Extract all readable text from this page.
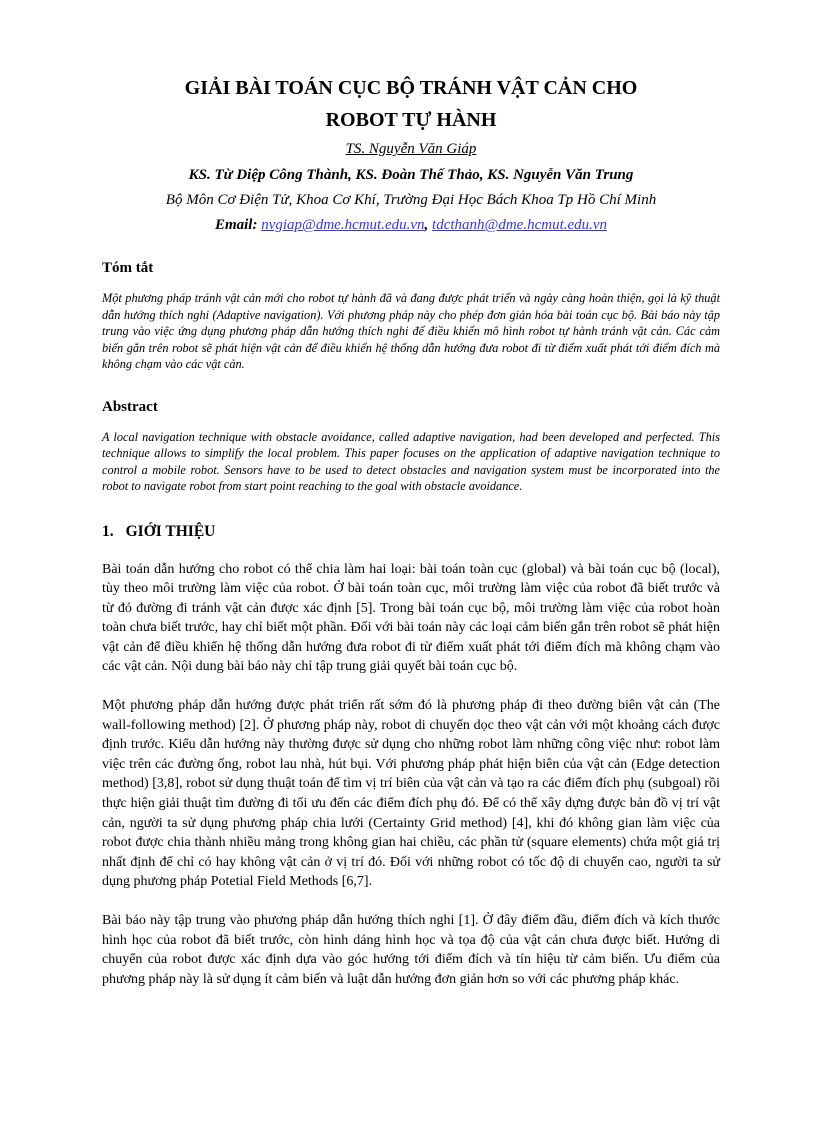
GIẢI BÀI TOÁN CỤC BỘ TRÁNH VẬT CẢN CHO
ROBOT TỰ HÀNH
TS. Nguyễn Văn Giáp
KS. Từ Diệp Công Thành, KS. Đoàn Thế Thảo, KS. Nguyễn Văn Trung
Bộ Môn Cơ Điện Tử, Khoa Cơ Khí, Trường Đại Học Bách Khoa Tp Hồ Chí Minh
Email: nvgiap@dme.hcmut.edu.vn, tdcthanh@dme.hcmut.edu.vn
Tóm tắt
Một phương pháp tránh vật cản mới cho robot tự hành đã và đang được phát triển và ngày càng hoàn thiện, gọi là kỹ thuật dẫn hướng thích nghi (Adaptive navigation). Với phương pháp này cho phép đơn giản hóa bài toán cục bộ. Bài báo này tập trung vào việc ứng dụng phương pháp dẫn hướng thích nghi để điều khiển mô hình robot tự hành tránh vật cản. Các cảm biến gắn trên robot sẽ phát hiện vật cản để điều khiển hệ thống dẫn hướng đưa robot đi từ điểm xuất phát tới điểm đích mà không chạm vào các vật cản.
Abstract
A local navigation technique with obstacle avoidance, called adaptive navigation, had been developed and perfected. This technique allows to simplify the local problem. This paper focuses on the application of adaptive navigation technique to control a mobile robot. Sensors have to be used to detect obstacles and navigation system must be incorporated into the robot to navigate robot from start point reaching to the goal with obstacle avoidance.
1. GIỚI THIỆU

Bài toán dẫn hướng cho robot có thể chia làm hai loại: bài toán toàn cục (global) và bài toán cục bộ (local), tùy theo môi trường làm việc của robot. Ở bài toán toàn cục, môi trường làm việc của robot đã biết trước và từ đó đường đi tránh vật cản được xác định [5]. Trong bài toán cục bộ, môi trường làm việc của robot hoàn toàn chưa biết trước, hay chỉ biết một phần. Đối với bài toán này các loại cảm biến gắn trên robot sẽ phát hiện vật cản để điều khiển hệ thống dẫn hướng đưa robot đi từ điểm xuất phát tới điểm đích mà không chạm vào các vật cản. Nội dung bài báo này chỉ tập trung giải quyết bài toán cục bộ.

Một phương pháp dẫn hướng được phát triển rất sớm đó là phương pháp đi theo đường biên vật cản (The wall-following method) [2]. Ở phương pháp này, robot di chuyển dọc theo vật cản với một khoảng cách được định trước. Kiểu dẫn hướng này thường được sử dụng cho những robot làm những công việc như: robot làm việc trên các đường ống, robot lau nhà, hút bụi. Với phương pháp phát hiện biên của vật cản (Edge detection method) [3,8], robot sử dụng thuật toán để tìm vị trí biên của vật cản và tạo ra các điểm đích phụ (subgoal) rồi thực hiện giải thuật tìm đường đi tối ưu đến các điểm đích phụ đó. Để có thể xây dựng được bản đồ vị trí vật cản, người ta sử dụng phương pháp chia lưới (Certainty Grid method) [4], khi đó không gian làm việc của robot được chia thành nhiều mảng trong không gian hai chiều, các phần tử (square elements) chứa một giá trị nhất định để chỉ có hay không vật cản ở vị trí đó. Đối với những robot có tốc độ di chuyển cao, người ta sử dụng phương pháp Potetial Field Methods [6,7].

Bài báo này tập trung vào phương pháp dẫn hướng thích nghi [1]. Ở đây điểm đầu, điểm đích và kích thước hình học của robot đã biết trước, còn hình dáng hình học và tọa độ của vật cản chưa được biết. Hướng di chuyển của robot được xác định dựa vào góc hướng tới điểm đích và tín hiệu từ cảm biến. Ưu điểm của phương pháp này là sử dụng ít cảm biến và luật dẫn hướng đơn giản hơn so với các phương pháp khác.
